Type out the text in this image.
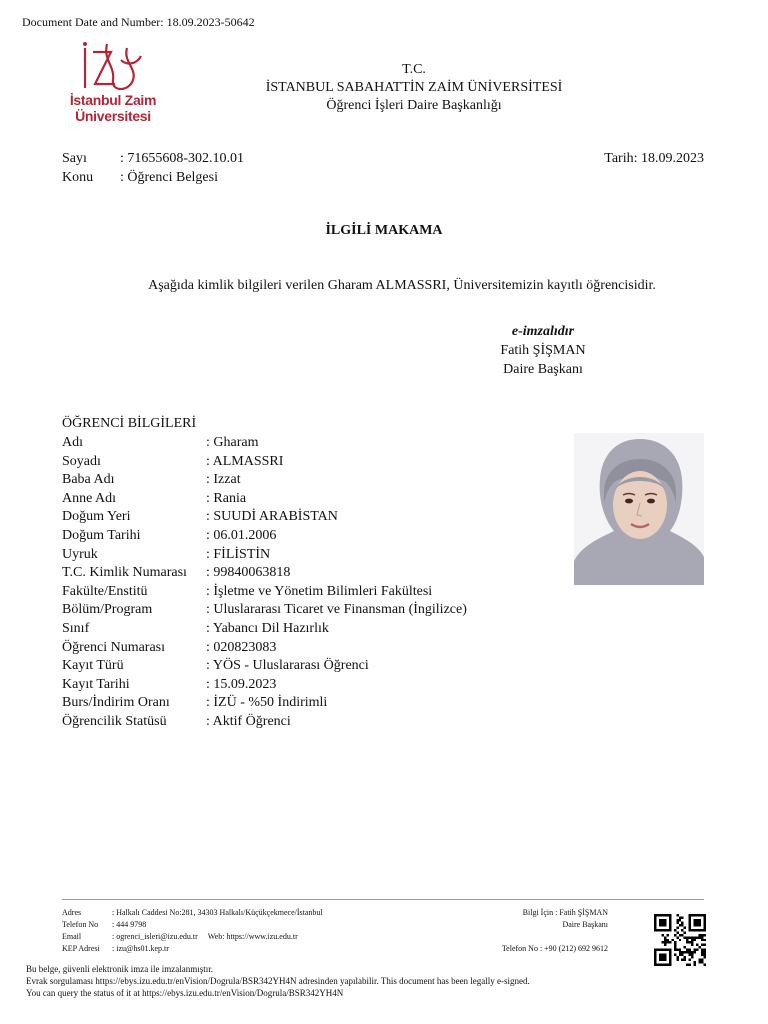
Document Date and Number: 18.09.2023-50642
İstanbul Zaim
Üniversitesi
T.C.
İSTANBUL SABAHATTİN ZAİM ÜNİVERSİTESİ
Öğrenci İşleri Daire Başkanlığı
Sayı : 71655608-302.10.01
Konu : Öğrenci Belgesi
Tarih: 18.09.2023
İLGİLİ MAKAMA
Aşağıda kimlik bilgileri verilen Gharam ALMASSRI, Üniversitemizin kayıtlı öğrencisidir.
e-imzalıdır
Fatih ŞİŞMAN
Daire Başkanı
ÖĞRENCİ BİLGİLERİ
Adı	: Gharam
Soyadı	: ALMASSRI
Baba Adı	: Izzat
Anne Adı	: Rania
Doğum Yeri	: SUUDİ ARABİSTAN
Doğum Tarihi	: 06.01.2006
Uyruk	: FİLİSTİN
T.C. Kimlik Numarası	: 99840063818
Fakülte/Enstitü	: İşletme ve Yönetim Bilimleri Fakültesi
Bölüm/Program	: Uluslararası Ticaret ve Finansman (İngilizce)
Sınıf	: Yabancı Dil Hazırlık
Öğrenci Numarası	: 020823083
Kayıt Türü	: YÖS - Uluslararası Öğrenci
Kayıt Tarihi	: 15.09.2023
Burs/İndirim Oranı	: İZÜ - %50 İndirimli
Öğrencilik Statüsü	: Aktif Öğrenci
Adres	: Halkalı Caddesi No:281, 34303 Halkalı/Küçükçekmece/İstanbul
Telefon No	: 444 9798
Email	: ogrenci_isleri@izu.edu.tr Web: https://www.izu.edu.tr
KEP Adresi	: izu@hs01.kep.tr
Bilgi İçin : Fatih ŞİŞMAN
Daire Başkanı
Telefon No : +90 (212) 692 9612
Bu belge, güvenli elektronik imza ile imzalanmıştır.
Evrak sorgulaması https://ebys.izu.edu.tr/enVision/Dogrula/BSR342YH4N adresinden yapılabilir. This document has been legally e-signed.
You can query the status of it at https://ebys.izu.edu.tr/enVision/Dogrula/BSR342YH4N
